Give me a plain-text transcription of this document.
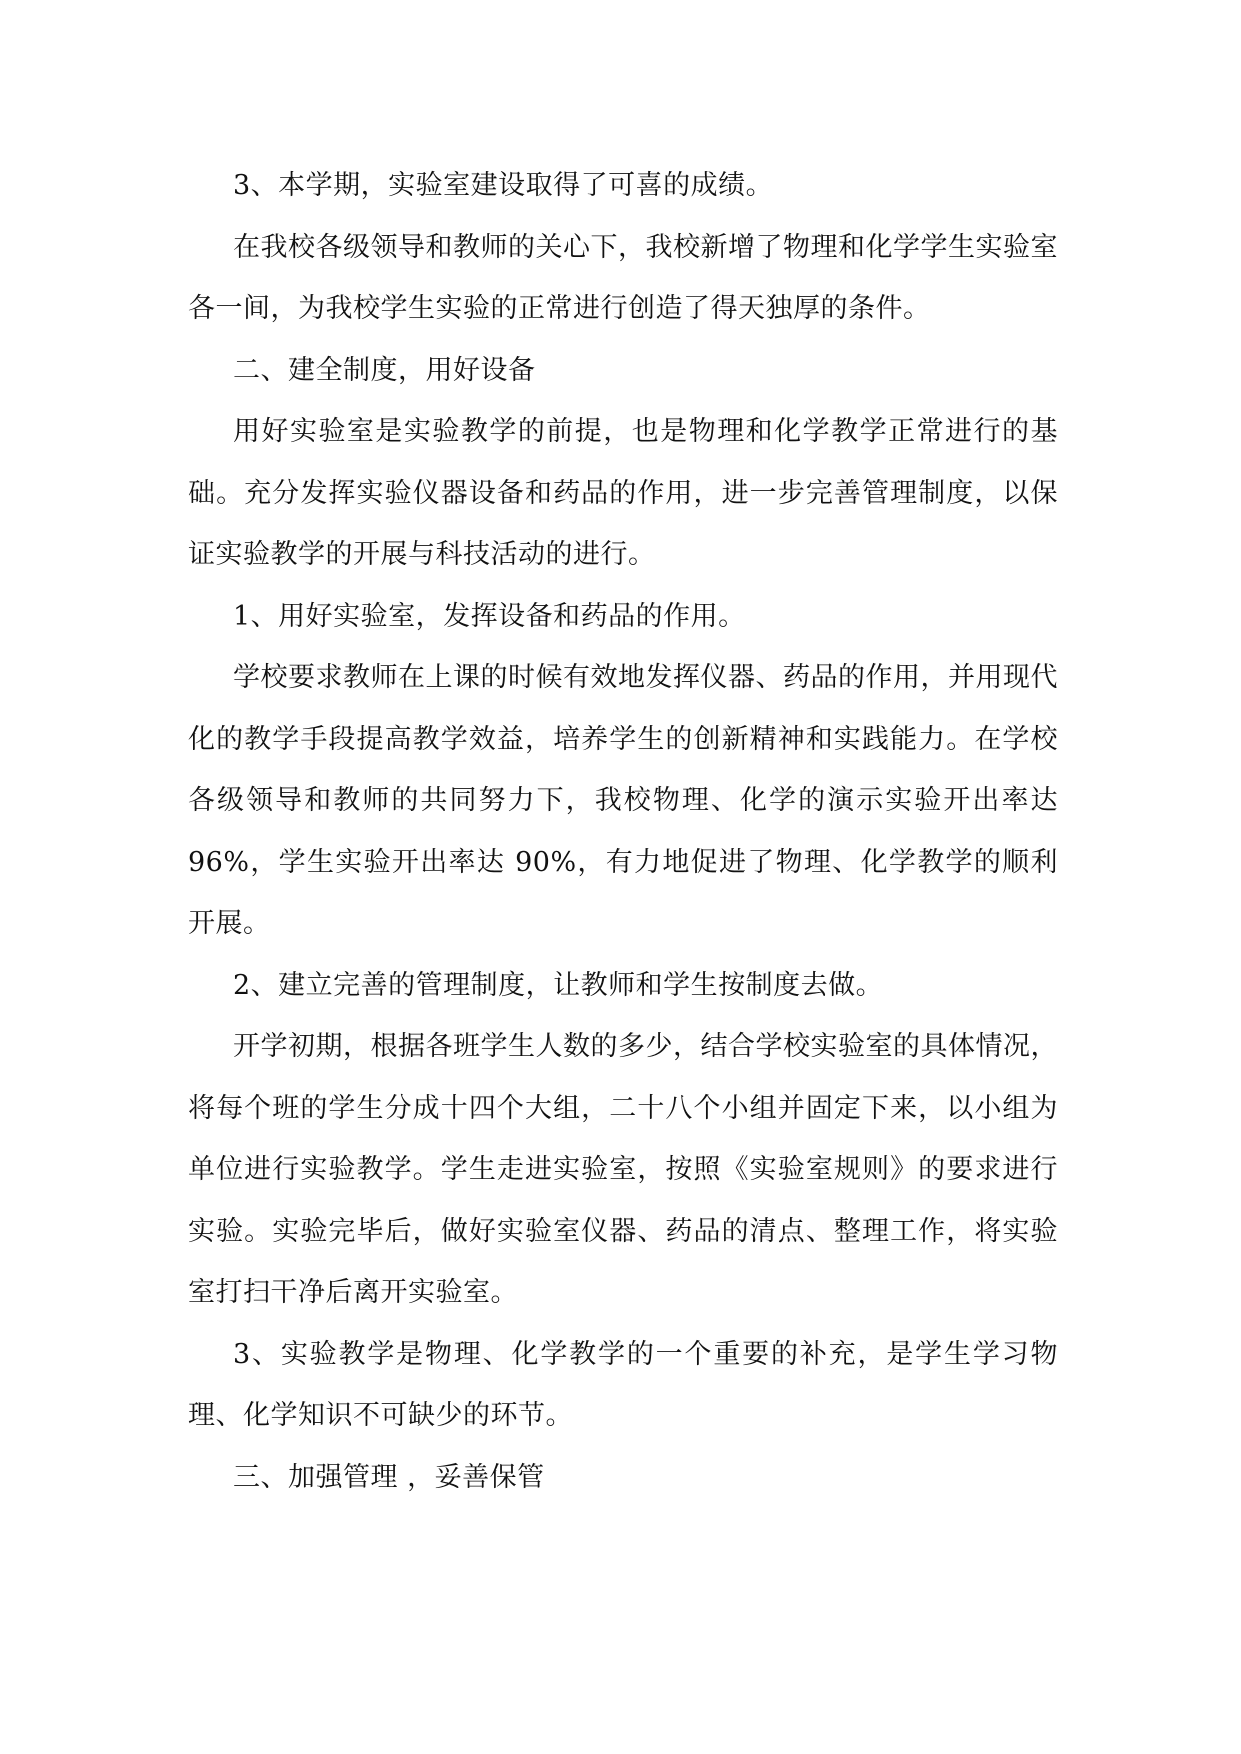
3、本学期，实验室建设取得了可喜的成绩。

在我校各级领导和教师的关心下，我校新增了物理和化学学生实验室各一间，为我校学生实验的正常进行创造了得天独厚的条件。

二、建全制度，用好设备

用好实验室是实验教学的前提，也是物理和化学教学正常进行的基础。充分发挥实验仪器设备和药品的作用，进一步完善管理制度，以保证实验教学的开展与科技活动的进行。

1、用好实验室，发挥设备和药品的作用。

学校要求教师在上课的时候有效地发挥仪器、药品的作用，并用现代化的教学手段提高教学效益，培养学生的创新精神和实践能力。在学校各级领导和教师的共同努力下，我校物理、化学的演示实验开出率达 96%，学生实验开出率达 90%，有力地促进了物理、化学教学的顺利开展。

2、建立完善的管理制度，让教师和学生按制度去做。

开学初期，根据各班学生人数的多少，结合学校实验室的具体情况，将每个班的学生分成十四个大组，二十八个小组并固定下来，以小组为单位进行实验教学。学生走进实验室，按照《实验室规则》的要求进行实验。实验完毕后，做好实验室仪器、药品的清点、整理工作，将实验室打扫干净后离开实验室。

3、实验教学是物理、化学教学的一个重要的补充，是学生学习物理、化学知识不可缺少的环节。

三、加强管理 ，妥善保管
